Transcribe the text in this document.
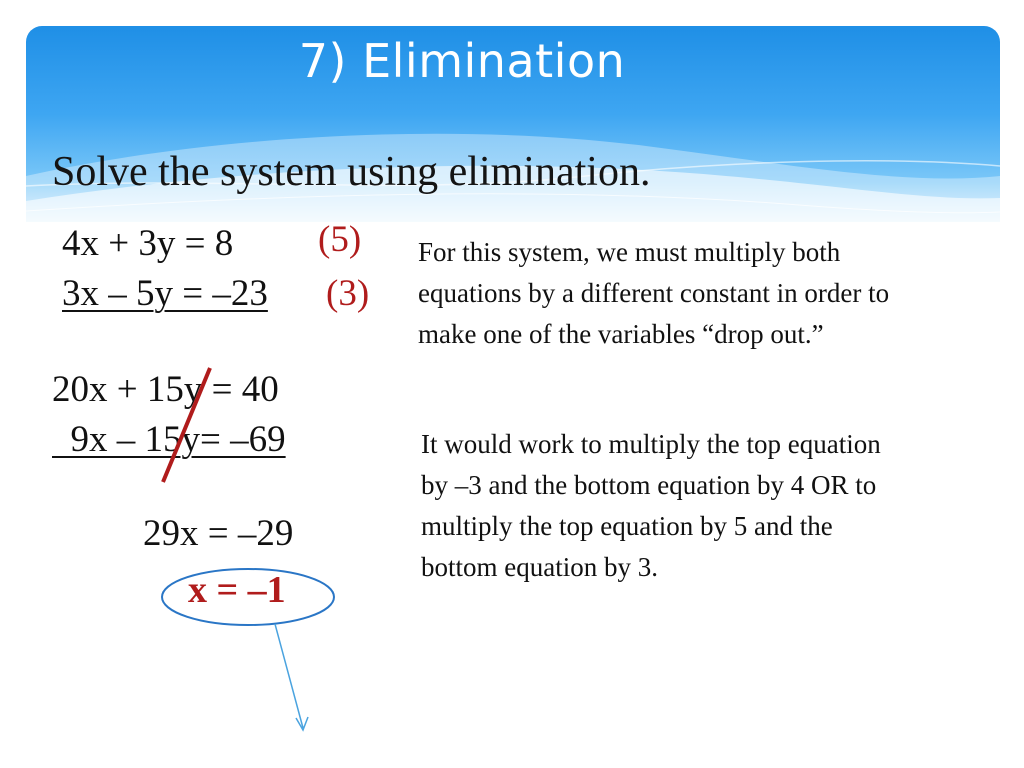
7) Elimination
Solve the system using elimination.
4x + 3y = 8
3x – 5y = –23
(5)
(3)
For this system, we must multiply both
equations by a different constant in order to
make one of the variables “drop out.”
20x + 15y = 40
9x – 15y= –69	It would work to multiply the top equation
by –3 and the bottom equation by 4 OR to
multiply the top equation by 5 and the
bottom equation by 3.
29x = –29
x = –1
